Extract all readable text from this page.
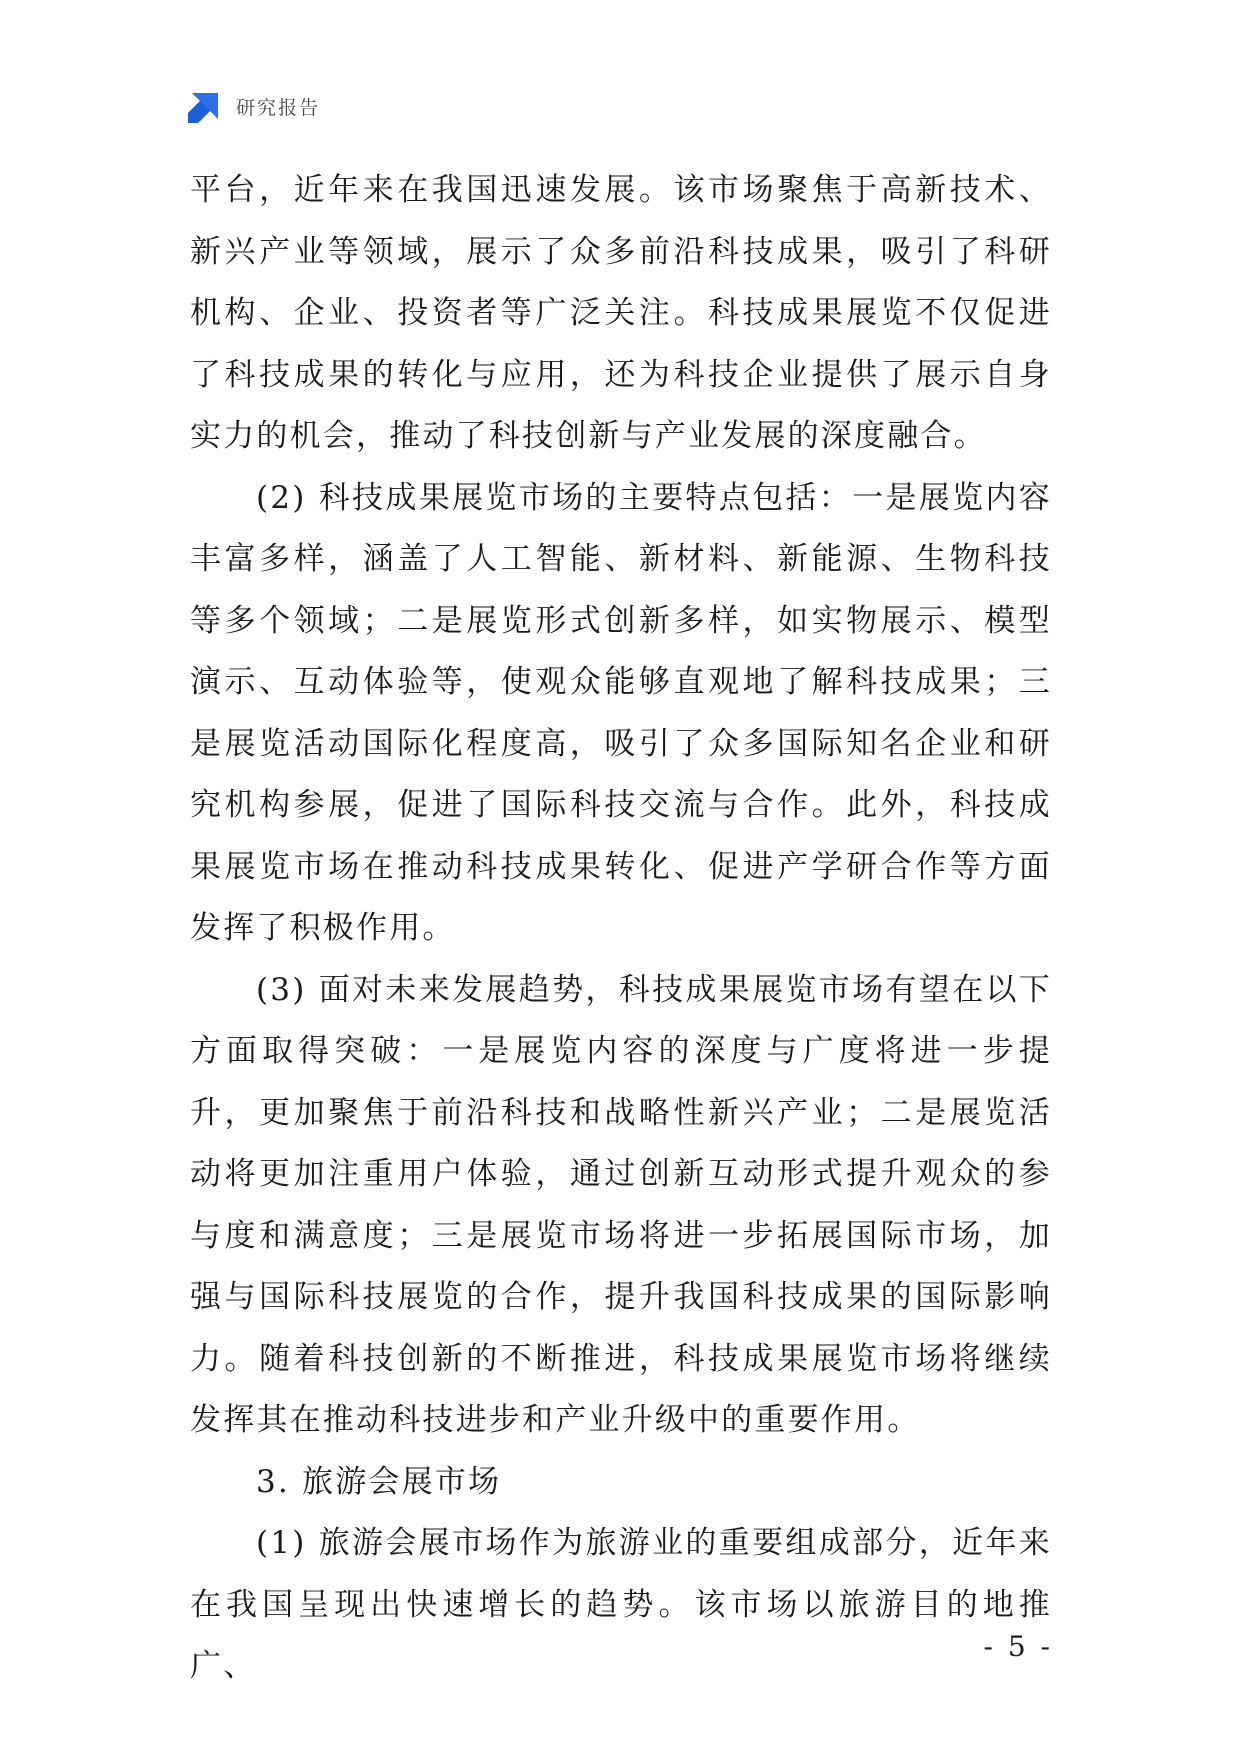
研究报告

平台，近年来在我国迅速发展。该市场聚焦于高新技术、新兴产业等领域，展示了众多前沿科技成果，吸引了科研机构、企业、投资者等广泛关注。科技成果展览不仅促进了科技成果的转化与应用，还为科技企业提供了展示自身实力的机会，推动了科技创新与产业发展的深度融合。

(2) 科技成果展览市场的主要特点包括：一是展览内容丰富多样，涵盖了人工智能、新材料、新能源、生物科技等多个领域；二是展览形式创新多样，如实物展示、模型演示、互动体验等，使观众能够直观地了解科技成果；三是展览活动国际化程度高，吸引了众多国际知名企业和研究机构参展，促进了国际科技交流与合作。此外，科技成果展览市场在推动科技成果转化、促进产学研合作等方面发挥了积极作用。

(3) 面对未来发展趋势，科技成果展览市场有望在以下方面取得突破：一是展览内容的深度与广度将进一步提升，更加聚焦于前沿科技和战略性新兴产业；二是展览活动将更加注重用户体验，通过创新互动形式提升观众的参与度和满意度；三是展览市场将进一步拓展国际市场，加强与国际科技展览的合作，提升我国科技成果的国际影响力。随着科技创新的不断推进，科技成果展览市场将继续发挥其在推动科技进步和产业升级中的重要作用。

3. 旅游会展市场

(1) 旅游会展市场作为旅游业的重要组成部分，近年来在我国呈现出快速增长的趋势。该市场以旅游目的地推广、

- 5 -
